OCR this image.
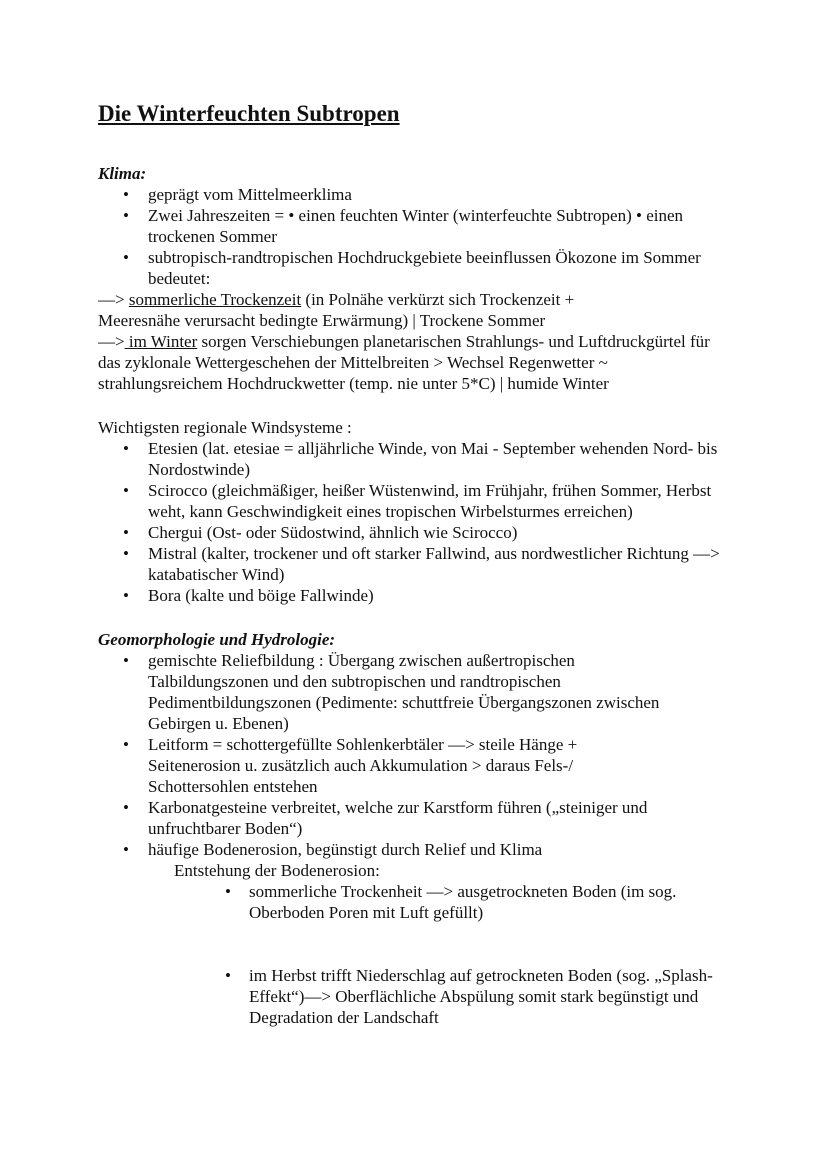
Die Winterfeuchten Subtropen

Klima:

• geprägt vom Mittelmeerklima
• Zwei Jahreszeiten = • einen feuchten Winter (winterfeuchte Subtropen) • einen trockenen Sommer
• subtropisch-randtropischen Hochdruckgebiete beeinflussen Ökozone im Sommer bedeutet:

—> sommerliche Trockenzeit (in Polnähe verkürzt sich Trockenzeit + Meeresnähe verursacht bedingte Erwärmung) | Trockene Sommer

—> im Winter sorgen Verschiebungen planetarischen Strahlungs- und Luftdruckgürtel für das zyklonale Wettergeschehen der Mittelbreiten > Wechsel Regenwetter ~ strahlungsreichem Hochdruckwetter (temp. nie unter 5*C) | humide Winter

Wichtigsten regionale Windsysteme :

• Etesien (lat. etesiae = alljährliche Winde, von Mai - September wehenden Nord- bis Nordostwinde)
• Scirocco (gleichmäßiger, heißer Wüstenwind, im Frühjahr, frühen Sommer, Herbst weht, kann Geschwindigkeit eines tropischen Wirbelsturmes erreichen)
• Chergui (Ost- oder Südostwind, ähnlich wie Scirocco)
• Mistral (kalter, trockener und oft starker Fallwind, aus nordwestlicher Richtung —> katabatischer Wind)
• Bora (kalte und böige Fallwinde)

Geomorphologie und Hydrologie:

• gemischte Reliefbildung : Übergang zwischen außertropischen Talbildungszonen und den subtropischen und randtropischen Pedimentbildungszonen (Pedimente: schuttfreie Übergangszonen zwischen Gebirgen u. Ebenen)
• Leitform = schottergefüllte Sohlenkerbtäler —> steile Hänge + Seitenerosion u. zusätzlich auch Akkumulation > daraus Fels-/ Schottersohlen entstehen
• Karbonatgesteine verbreitet, welche zur Karstform führen („steiniger und unfruchtbarer Boden“)
• häufige Bodenerosion, begünstigt durch Relief und Klima

Entstehung der Bodenerosion:

• sommerliche Trockenheit —> ausgetrockneten Boden (im sog. Oberboden Poren mit Luft gefüllt)
• im Herbst trifft Niederschlag auf getrockneten Boden (sog. „Splash-Effekt“)—> Oberflächliche Abspülung somit stark begünstigt und Degradation der Landschaft
